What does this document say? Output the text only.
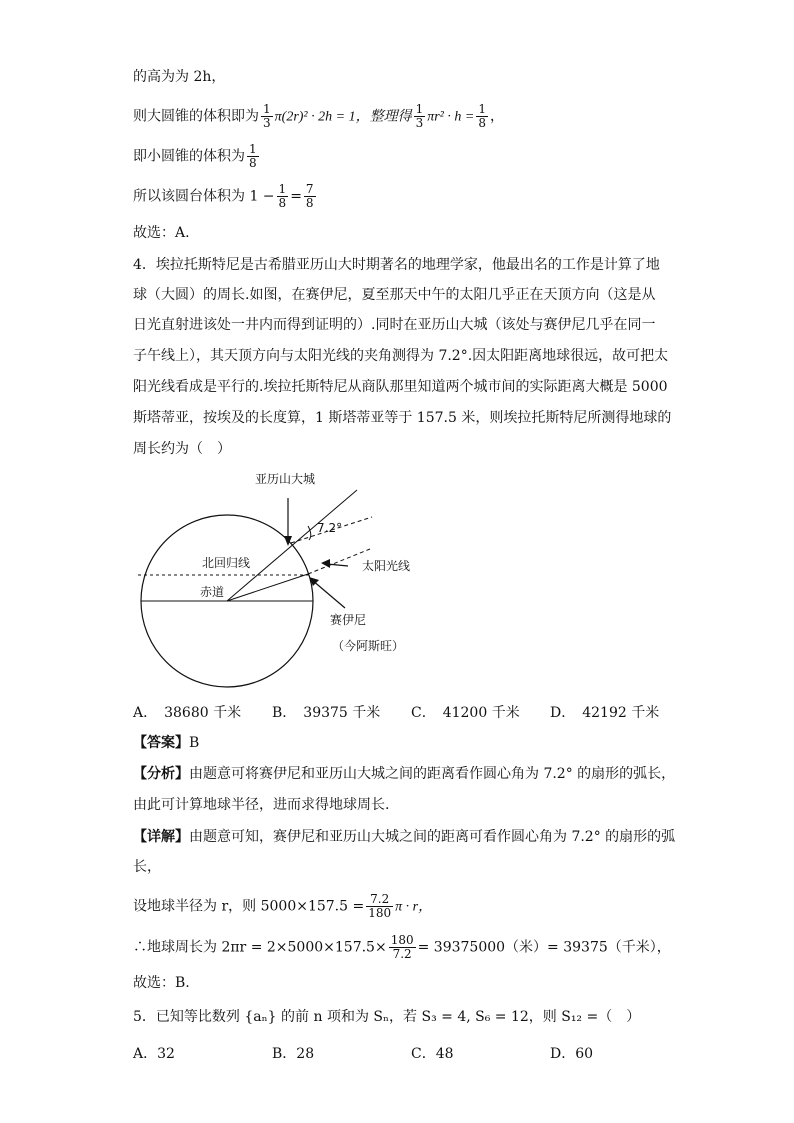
的高为为 2h，
则大圆锥的体积即为 $\frac{1}{3} \pi(2r)^2 \cdot 2h = 1$，整理得 $\frac{1}{3} \pi r^2 \cdot h = \frac{1}{8}$ ，
即小圆锥的体积为 $\frac{1}{8}$
所以该圆台体积为 $1 - \frac{1}{8} = \frac{7}{8}$
故选：A.
4．埃拉托斯特尼是古希腊亚历山大时期著名的地理学家，他最出名的工作是计算了地
球（大圆）的周长.如图，在赛伊尼，夏至那天中午的太阳几乎正在天顶方向（这是从
日光直射进该处一井内而得到证明的）.同时在亚历山大城（该处与赛伊尼几乎在同一
子午线上），其天顶方向与太阳光线的夹角测得为 7.2°.因太阳距离地球很远，故可把太
阳光线看成是平行的.埃拉托斯特尼从商队那里知道两个城市间的实际距离大概是 5000
斯塔蒂亚，按埃及的长度算，1 斯塔蒂亚等于 157.5 米，则埃拉托斯特尼所测得地球的
周长约为（　）
亚历山大城
7.2°
北回归线	太阳光线
赤道
赛伊尼
（今阿斯旺）
A．　38680 千米	B．　39375 千米	C．　41200 千米	D．　42192 千米
【答案】B
【分析】由题意可将赛伊尼和亚历山大城之间的距离看作圆心角为 7.2° 的扇形的弧长，
由此可计算地球半径，进而求得地球周长.
【详解】由题意可知，赛伊尼和亚历山大城之间的距离可看作圆心角为 7.2° 的扇形的弧
长，
设地球半径为 r，则 $5000\times 157.5 = \frac{7.2}{180}$ π · r，
∴地球周长为 $2\pi r = 2\times 5000\times 157.5\times \frac{180}{7.2} = 39375000$（米）= 39375（千米），
故选：B.
5．已知等比数列 {aₙ} 的前 n 项和为 Sₙ，若 S₃ = 4, S₆ = 12，则 S₁₂ =（　）
A．32	B．28	C．48	D．60
